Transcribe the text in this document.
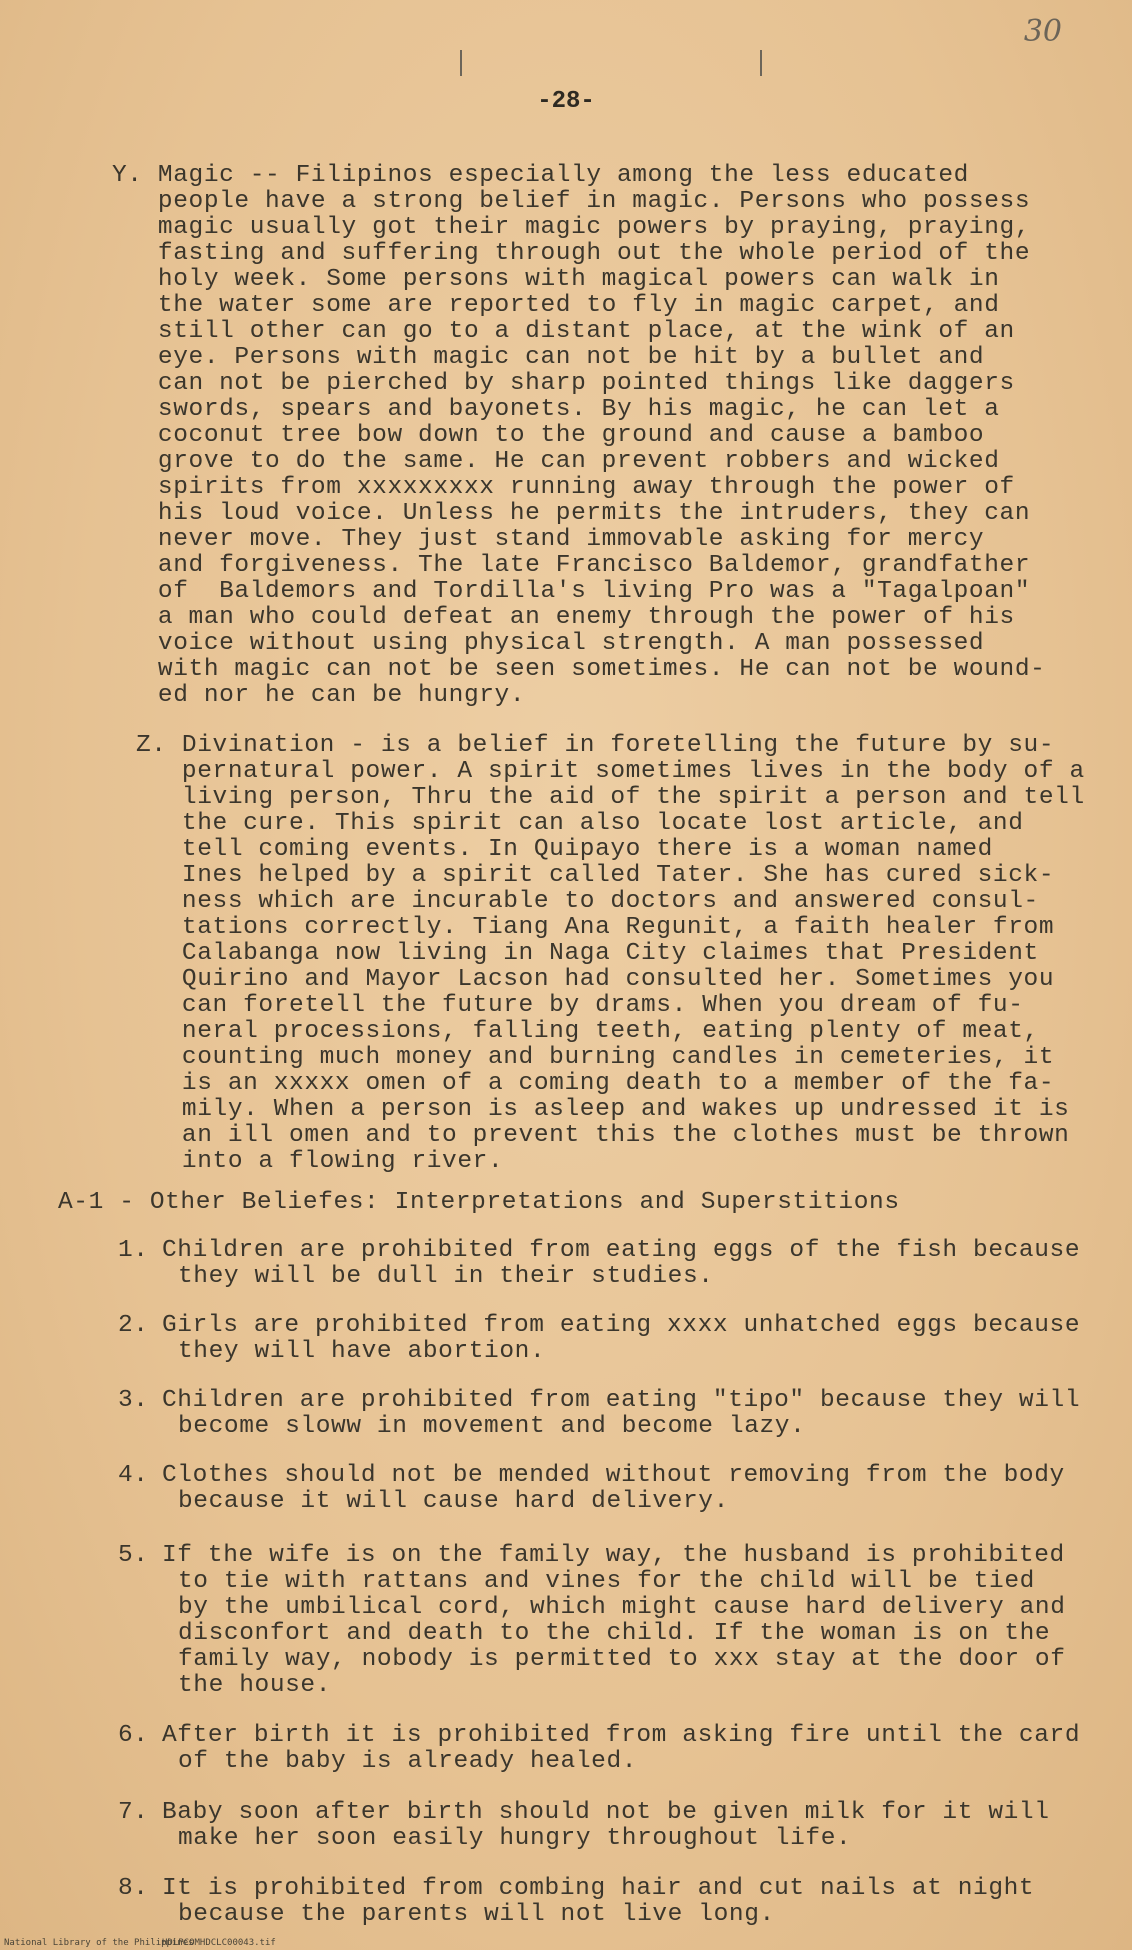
30
-28-
Y. Magic -- Filipinos especially among the less educated
people have a strong belief in magic. Persons who possess
magic usually got their magic powers by praying, praying,
fasting and suffering through out the whole period of the
holy week. Some persons with magical powers can walk in
the water some are reported to fly in magic carpet, and
still other can go to a distant place, at the wink of an
eye. Persons with magic can not be hit by a bullet and
can not be pierched by sharp pointed things like daggers
swords, spears and bayonets. By his magic, he can let a
coconut tree bow down to the ground and cause a bamboo
grove to do the same. He can prevent robbers and wicked
spirits from xxxxxxxxx running away through the power of
his loud voice. Unless he permits the intruders, they can
never move. They just stand immovable asking for mercy
and forgiveness. The late Francisco Baldemor, grandfather
of  Baldemors and Tordilla's living Pro was a "Tagalpoan"
a man who could defeat an enemy through the power of his
voice without using physical strength. A man possessed
with magic can not be seen sometimes. He can not be wound-
ed nor he can be hungry.
Z. Divination - is a belief in foretelling the future by su-
pernatural power. A spirit sometimes lives in the body of a
living person, Thru the aid of the spirit a person and tell
the cure. This spirit can also locate lost article, and
tell coming events. In Quipayo there is a woman named
Ines helped by a spirit called Tater. She has cured sick-
ness which are incurable to doctors and answered consul-
tations correctly. Tiang Ana Regunit, a faith healer from
Calabanga now living in Naga City claimes that President
Quirino and Mayor Lacson had consulted her. Sometimes you
can foretell the future by drams. When you dream of fu-
neral processions, falling teeth, eating plenty of meat,
counting much money and burning candles in cemeteries, it
is an xxxxx omen of a coming death to a member of the fa-
mily. When a person is asleep and wakes up undressed it is
an ill omen and to prevent this the clothes must be thrown
into a flowing river.
A-1 - Other Beliefes: Interpretations and Superstitions
1. Children are prohibited from eating eggs of the fish because
they will be dull in their studies.
2. Girls are prohibited from eating xxxx unhatched eggs because
they will have abortion.
3. Children are prohibited from eating "tipo" because they will
become sloww in movement and become lazy.
4. Clothes should not be mended without removing from the body
because it will cause hard delivery.
5. If the wife is on the family way, the husband is prohibited
to tie with rattans and vines for the child will be tied
by the umbilical cord, which might cause hard delivery and
disconfort and death to the child. If the woman is on the
family way, nobody is permitted to xxx stay at the door of
the house.
6. After birth it is prohibited from asking fire until the card
of the baby is already healed.
7. Baby soon after birth should not be given milk for it will
make her soon easily hungry throughout life.
8. It is prohibited from combing hair and cut nails at night
because the parents will not live long.
National Library of the Philippines
HDLPCOMHDCLC00043.tif
